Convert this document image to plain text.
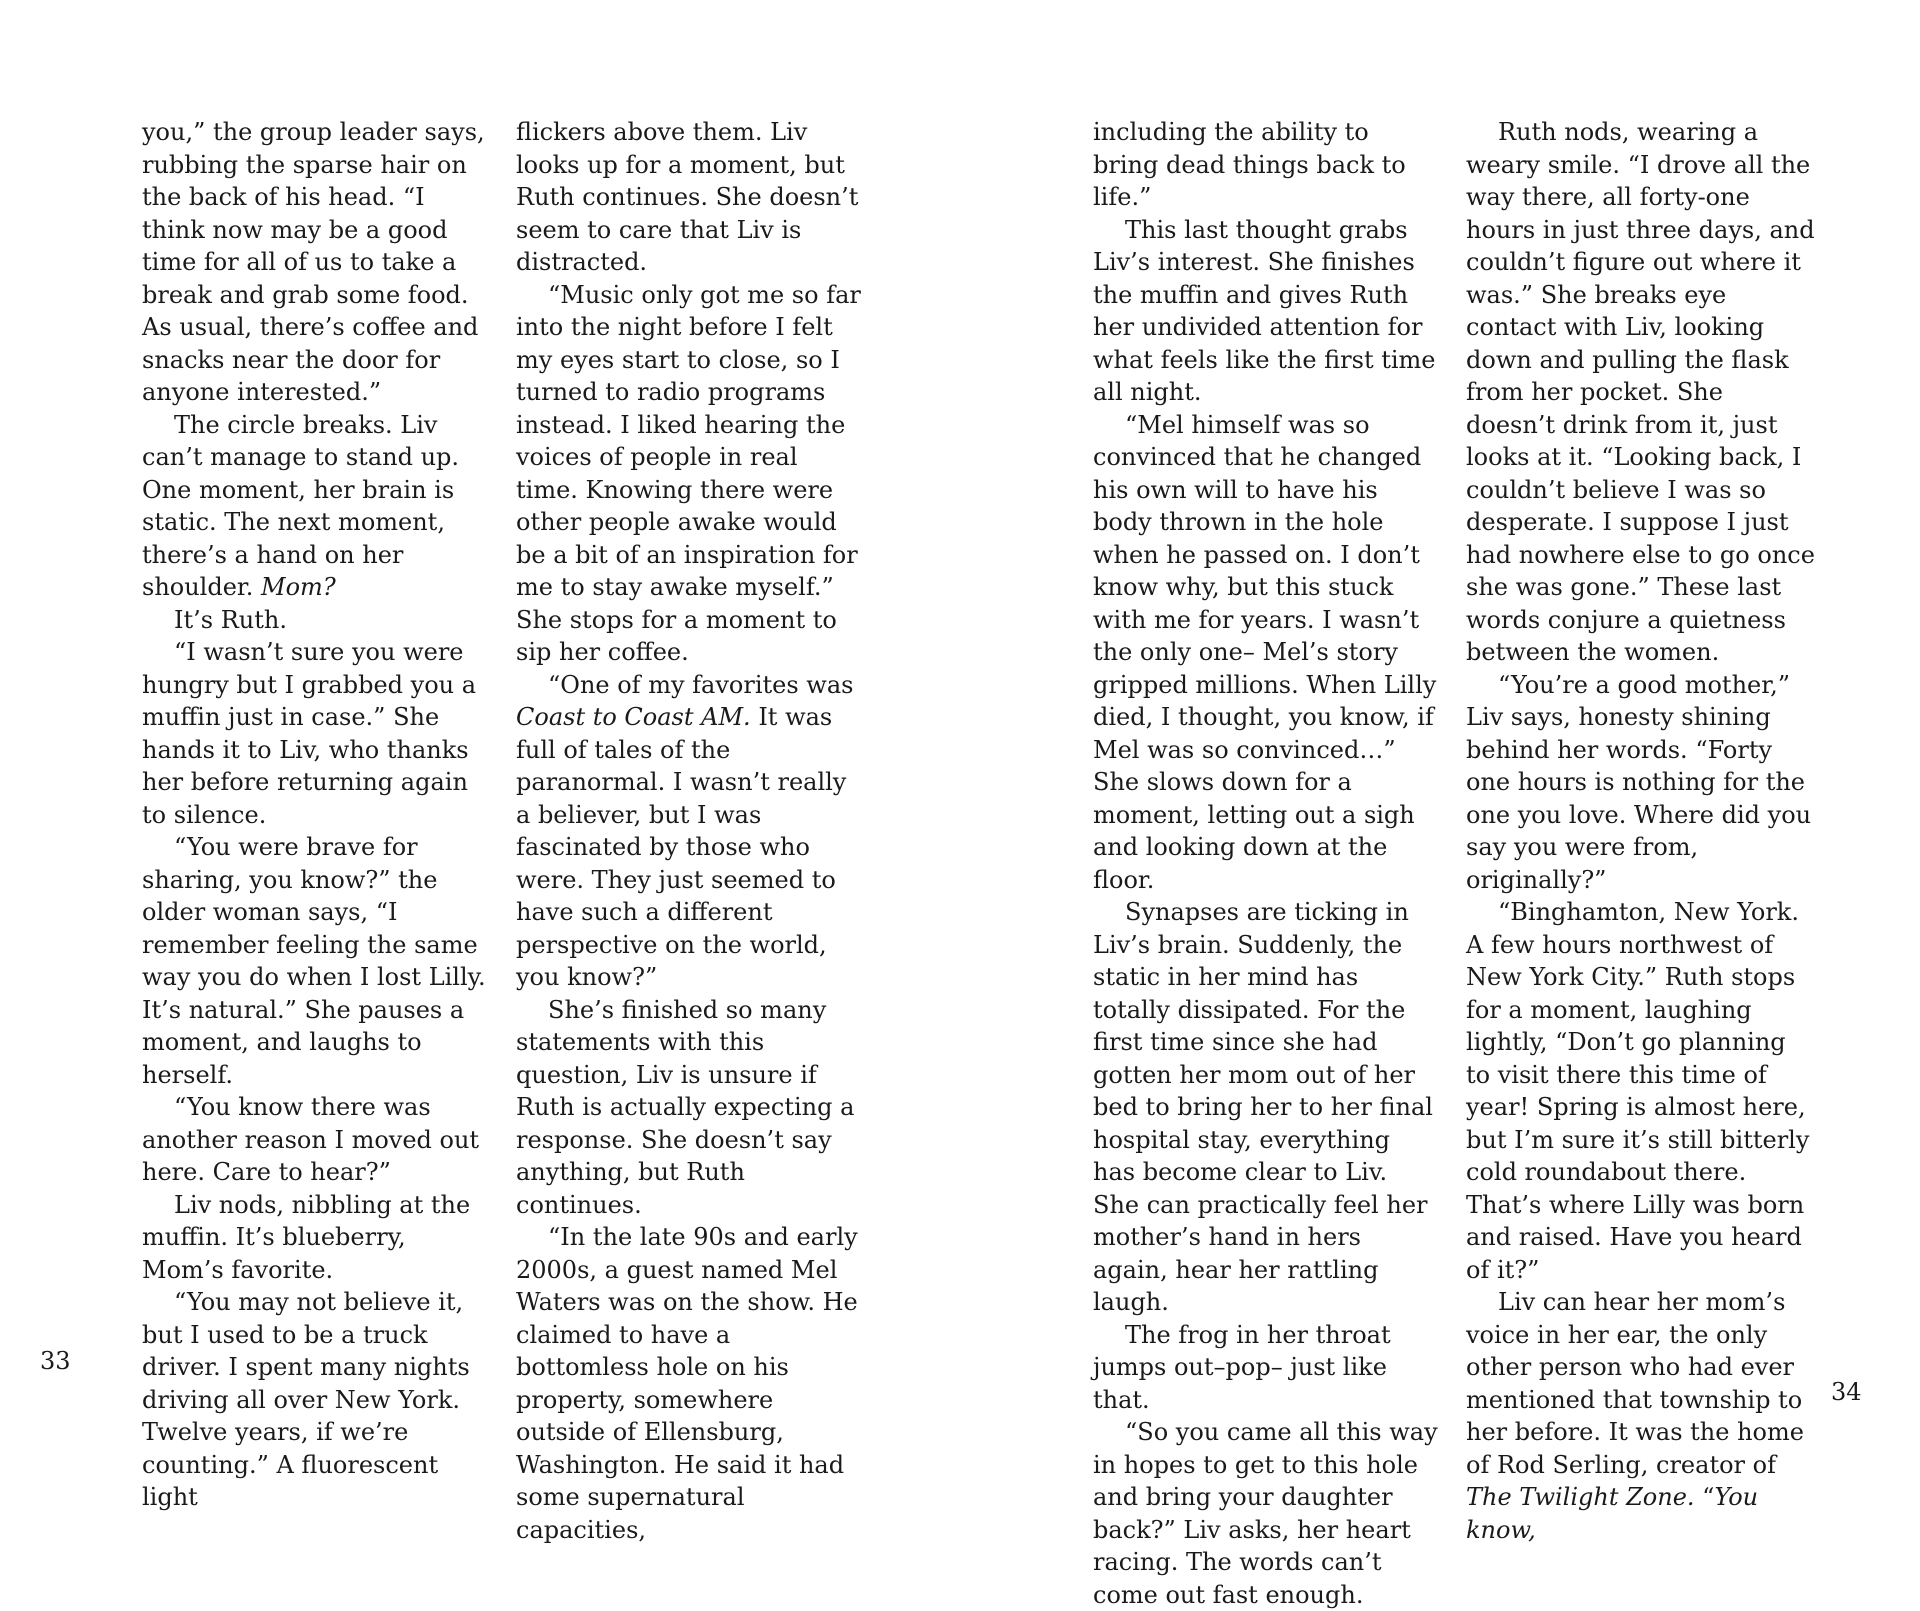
you,” the group leader says, rubbing the sparse hair on the back of his head. “I think now may be a good time for all of us to take a break and grab some food. As usual, there’s coffee and snacks near the door for anyone interested.”

The circle breaks. Liv can’t manage to stand up. One moment, her brain is static. The next moment, there’s a hand on her shoulder. Mom?

It’s Ruth.

“I wasn’t sure you were hungry but I grabbed you a muffin just in case.” She hands it to Liv, who thanks her before returning again to silence.

“You were brave for sharing, you know?” the older woman says, “I remember feeling the same way you do when I lost Lilly. It’s natural.” She pauses a moment, and laughs to herself.

“You know there was another reason I moved out here. Care to hear?”

Liv nods, nibbling at the muffin. It’s blueberry, Mom’s favorite.

“You may not believe it, but I used to be a truck driver. I spent many nights driving all over New York. Twelve years, if we’re counting.” A fluorescent light

flickers above them. Liv looks up for a moment, but Ruth continues. She doesn’t seem to care that Liv is distracted.

“Music only got me so far into the night before I felt my eyes start to close, so I turned to radio programs instead. I liked hearing the voices of people in real time. Knowing there were other people awake would be a bit of an inspiration for me to stay awake myself.” She stops for a moment to sip her coffee.

“One of my favorites was Coast to Coast AM. It was full of tales of the paranormal. I wasn’t really a believer, but I was fascinated by those who were. They just seemed to have such a different perspective on the world, you know?”

She’s finished so many statements with this question, Liv is unsure if Ruth is actually expecting a response. She doesn’t say anything, but Ruth continues.

“In the late 90s and early 2000s, a guest named Mel Waters was on the show. He claimed to have a bottomless hole on his property, somewhere outside of Ellensburg, Washington. He said it had some supernatural capacities,

including the ability to bring dead things back to life.”

This last thought grabs Liv’s interest. She finishes the muffin and gives Ruth her undivided attention for what feels like the first time all night.

“Mel himself was so convinced that he changed his own will to have his body thrown in the hole when he passed on. I don’t know why, but this stuck with me for years. I wasn’t the only one– Mel’s story gripped millions. When Lilly died, I thought, you know, if Mel was so convinced…” She slows down for a moment, letting out a sigh and looking down at the floor.

Synapses are ticking in Liv’s brain. Suddenly, the static in her mind has totally dissipated. For the first time since she had gotten her mom out of her bed to bring her to her final hospital stay, everything has become clear to Liv. She can practically feel her mother’s hand in hers again, hear her rattling laugh.

The frog in her throat jumps out–pop– just like that.

“So you came all this way in hopes to get to this hole and bring your daughter back?” Liv asks, her heart racing. The words can’t come out fast enough.

Ruth nods, wearing a weary smile. “I drove all the way there, all forty-one hours in just three days, and couldn’t figure out where it was.” She breaks eye contact with Liv, looking down and pulling the flask from her pocket. She doesn’t drink from it, just looks at it. “Looking back, I couldn’t believe I was so desperate. I suppose I just had nowhere else to go once she was gone.” These last words conjure a quietness between the women.

“You’re a good mother,” Liv says, honesty shining behind her words. “Forty one hours is nothing for the one you love. Where did you say you were from, originally?”

“Binghamton, New York. A few hours northwest of New York City.” Ruth stops for a moment, laughing lightly, “Don’t go planning to visit there this time of year! Spring is almost here, but I’m sure it’s still bitterly cold roundabout there. That’s where Lilly was born and raised. Have you heard of it?”

Liv can hear her mom’s voice in her ear, the only other person who had ever mentioned that township to her before. It was the home of Rod Serling, creator of The Twilight Zone. “You know,

33
34
